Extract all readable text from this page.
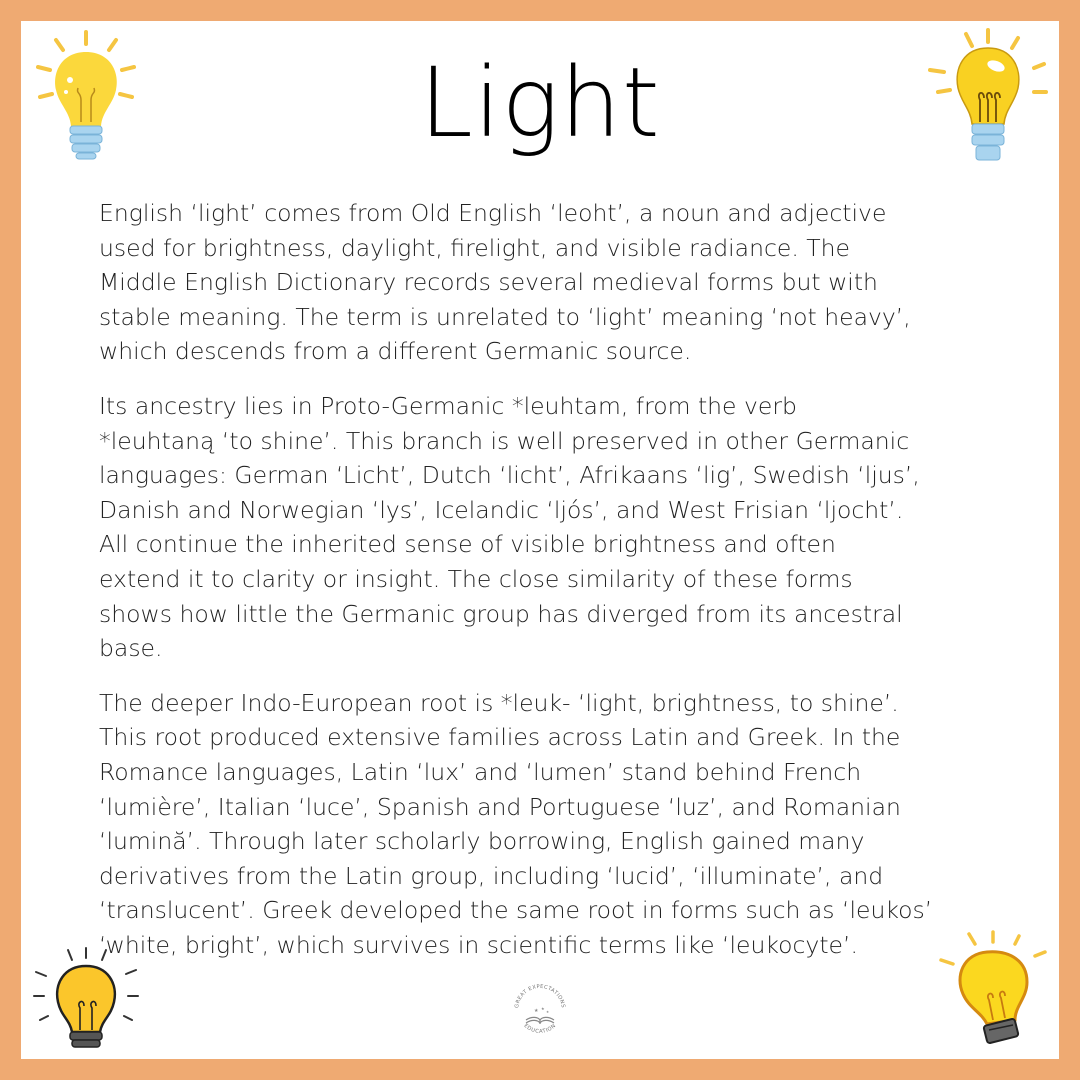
Light

English ‘light’ comes from Old English ‘leoht’, a noun and adjective
used for brightness, daylight, firelight, and visible radiance. The
Middle English Dictionary records several medieval forms but with
stable meaning. The term is unrelated to ‘light’ meaning ‘not heavy’,
which descends from a different Germanic source.

Its ancestry lies in Proto-Germanic *leuhtam, from the verb
*leuhtaną ‘to shine’. This branch is well preserved in other Germanic
languages: German ‘Licht’, Dutch ‘licht’, Afrikaans ‘lig’, Swedish ‘ljus’,
Danish and Norwegian ‘lys’, Icelandic ‘ljós’, and West Frisian ‘ljocht’.
All continue the inherited sense of visible brightness and often
extend it to clarity or insight. The close similarity of these forms
shows how little the Germanic group has diverged from its ancestral
base.

The deeper Indo-European root is *leuk- ‘light, brightness, to shine’.
This root produced extensive families across Latin and Greek. In the
Romance languages, Latin ‘lux’ and ‘lumen’ stand behind French
‘lumière’, Italian ‘luce’, Spanish and Portuguese ‘luz’, and Romanian
‘lumină’. Through later scholarly borrowing, English gained many
derivatives from the Latin group, including ‘lucid’, ‘illuminate’, and
‘translucent’. Greek developed the same root in forms such as ‘leukos’
‘white, bright’, which survives in scientific terms like ‘leukocyte’.

GREAT EXPECTATIONS
EDUCATION
★ ★
★
